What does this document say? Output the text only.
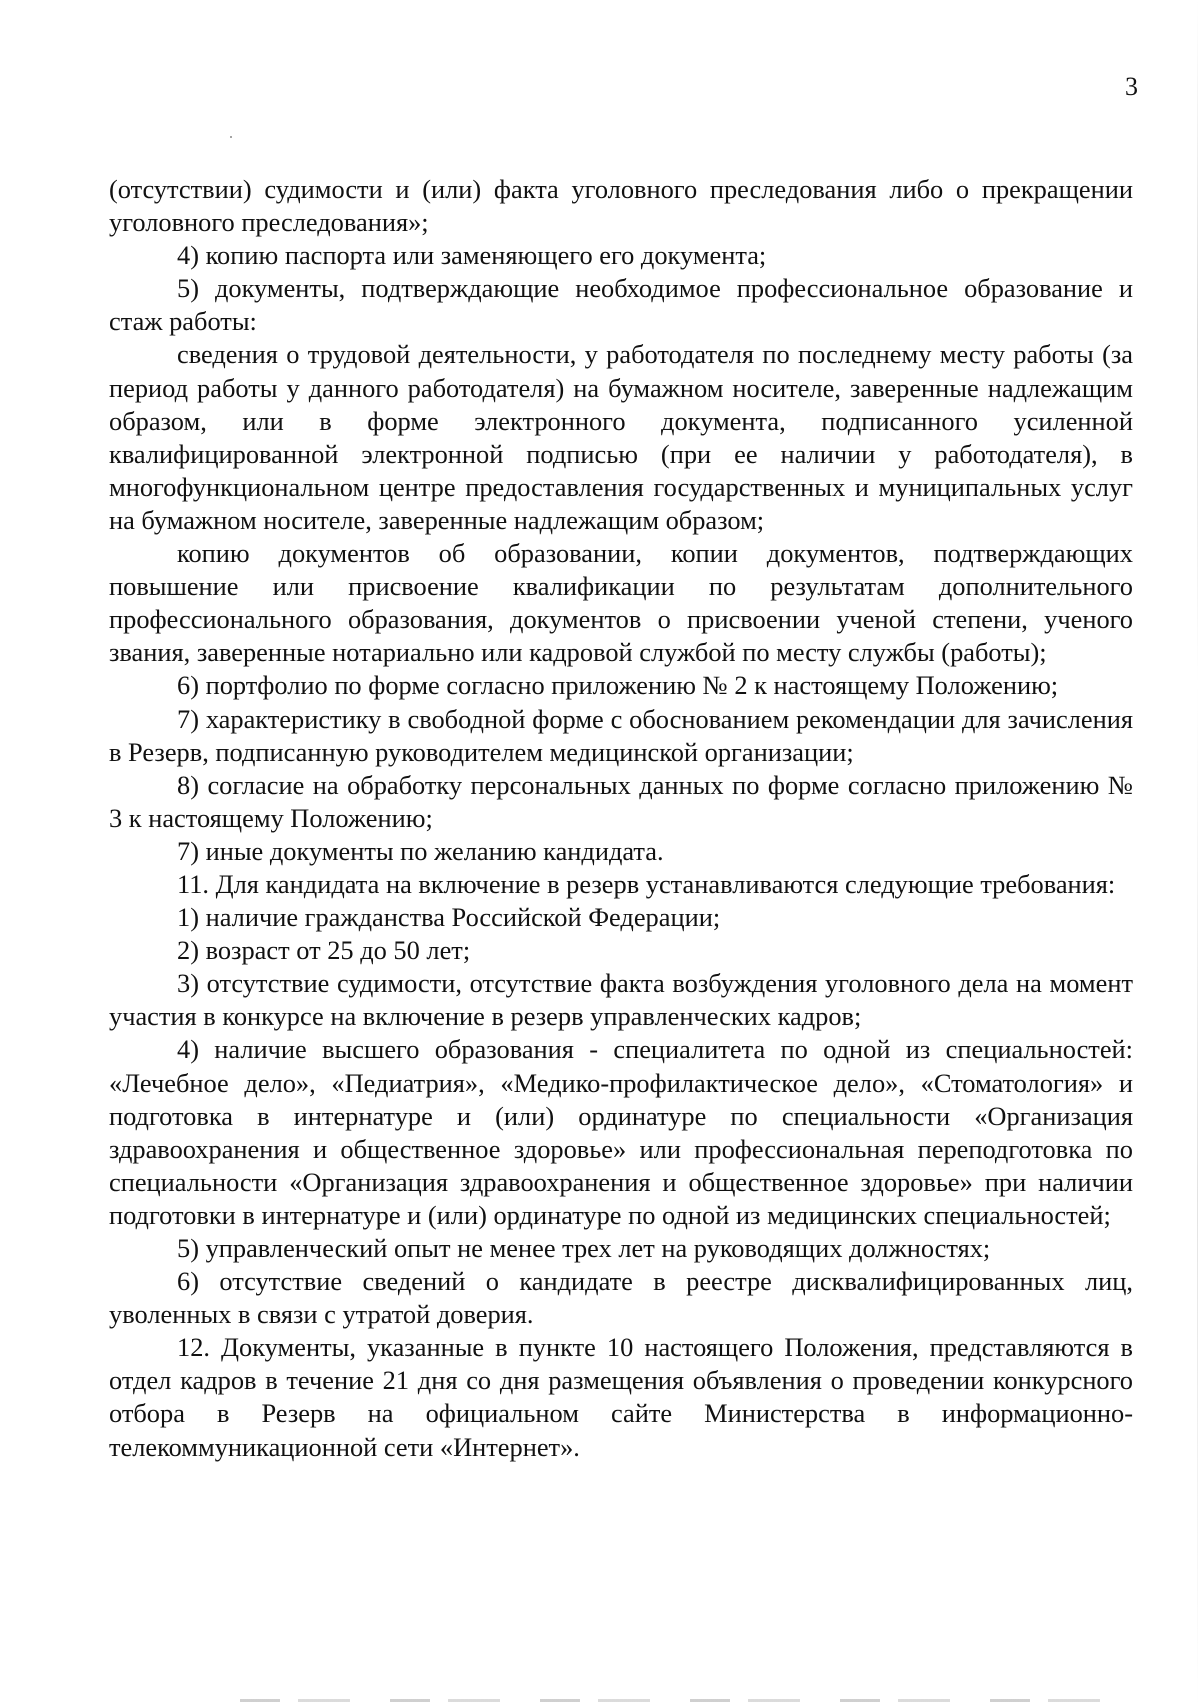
3

(отсутствии) судимости и (или) факта уголовного преследования либо о прекращении уголовного преследования»;

4) копию паспорта или заменяющего его документа;

5) документы, подтверждающие необходимое профессиональное образование и стаж работы:

сведения о трудовой деятельности, у работодателя по последнему месту работы (за период работы у данного работодателя) на бумажном носителе, заверенные надлежащим образом, или в форме электронного документа, подписанного усиленной квалифицированной электронной подписью (при ее наличии у работодателя), в многофункциональном центре предоставления государственных и муниципальных услуг на бумажном носителе, заверенные надлежащим образом;

копию документов об образовании, копии документов, подтверждающих повышение или присвоение квалификации по результатам дополнительного профессионального образования, документов о присвоении ученой степени, ученого звания, заверенные нотариально или кадровой службой по месту службы (работы);

6) портфолио по форме согласно приложению № 2 к настоящему Положению;

7) характеристику в свободной форме с обоснованием рекомендации для зачисления в Резерв, подписанную руководителем медицинской организации;

8) согласие на обработку персональных данных по форме согласно приложению № 3 к настоящему Положению;

7) иные документы по желанию кандидата.

11. Для кандидата на включение в резерв устанавливаются следующие требования:

1) наличие гражданства Российской Федерации;

2) возраст от 25 до 50 лет;

3) отсутствие судимости, отсутствие факта возбуждения уголовного дела на момент участия в конкурсе на включение в резерв управленческих кадров;

4) наличие высшего образования - специалитета по одной из специальностей: «Лечебное дело», «Педиатрия», «Медико-профилактическое дело», «Стоматология» и подготовка в интернатуре и (или) ординатуре по специальности «Организация здравоохранения и общественное здоровье» или профессиональная переподготовка по специальности «Организация здравоохранения и общественное здоровье» при наличии подготовки в интернатуре и (или) ординатуре по одной из медицинских специальностей;

5) управленческий опыт не менее трех лет на руководящих должностях;

6) отсутствие сведений о кандидате в реестре дисквалифицированных лиц, уволенных в связи с утратой доверия.

12. Документы, указанные в пункте 10 настоящего Положения, представляются в отдел кадров в течение 21 дня со дня размещения объявления о проведении конкурсного отбора в Резерв на официальном сайте Министерства в информационно-телекоммуникационной сети «Интернет».
